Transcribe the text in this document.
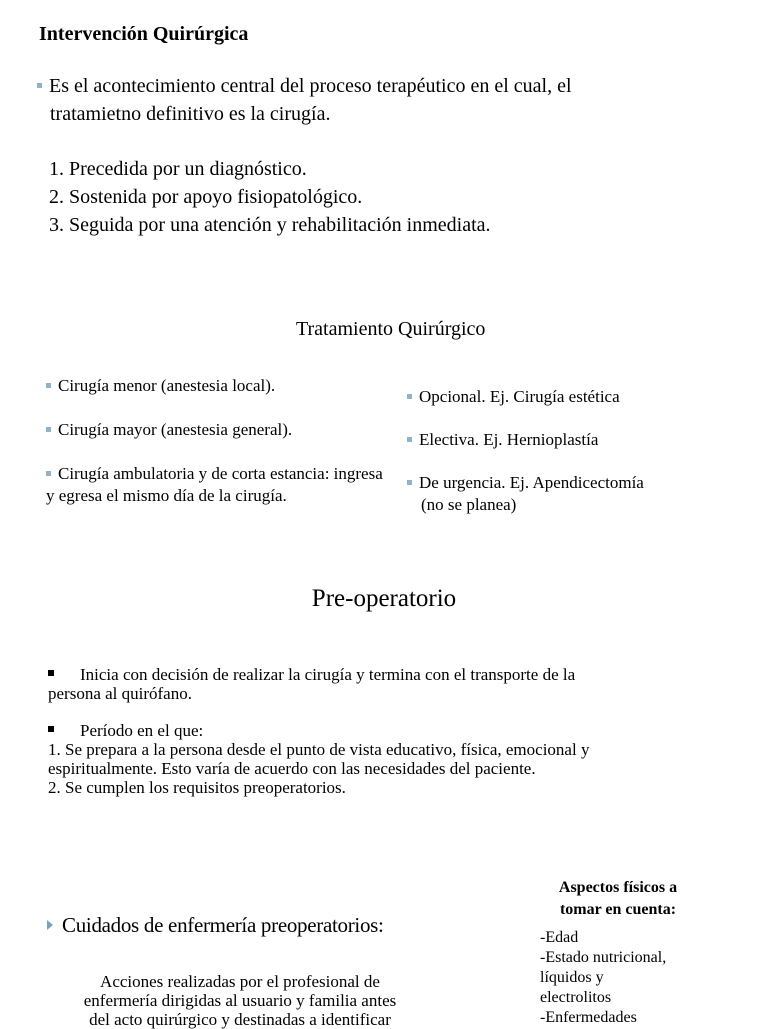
Intervención Quirúrgica
Es el acontecimiento central del proceso terapéutico en el cual, el
tratamietno definitivo es la cirugía.
1. Precedida por un diagnóstico.
2. Sostenida por apoyo fisiopatológico.
3. Seguida por una atención y rehabilitación inmediata.
Tratamiento Quirúrgico
Cirugía menor (anestesia local).
Cirugía mayor (anestesia general).
Cirugía ambulatoria y de corta estancia: ingresa y egresa el mismo día de la cirugía.
Opcional. Ej. Cirugía estética
Electiva. Ej. Hernioplastía
De urgencia. Ej. Apendicectomía
(no se planea)
Pre-operatorio
Inicia con decisión de realizar la cirugía y termina con el transporte de la
persona al quirófano.
Período en el que:
1. Se prepara a la persona desde el punto de vista educativo, física, emocional y
espiritualmente. Esto varía de acuerdo con las necesidades del paciente.
2. Se cumplen los requisitos preoperatorios.
Aspectos físicos a
tomar en cuenta:
-Edad
-Estado nutricional,
líquidos y
electrolitos
-Enfermedades
Cuidados de enfermería preoperatorios:
Acciones realizadas por el profesional de
enfermería dirigidas al usuario y familia antes
del acto quirúrgico y destinadas a identificar
